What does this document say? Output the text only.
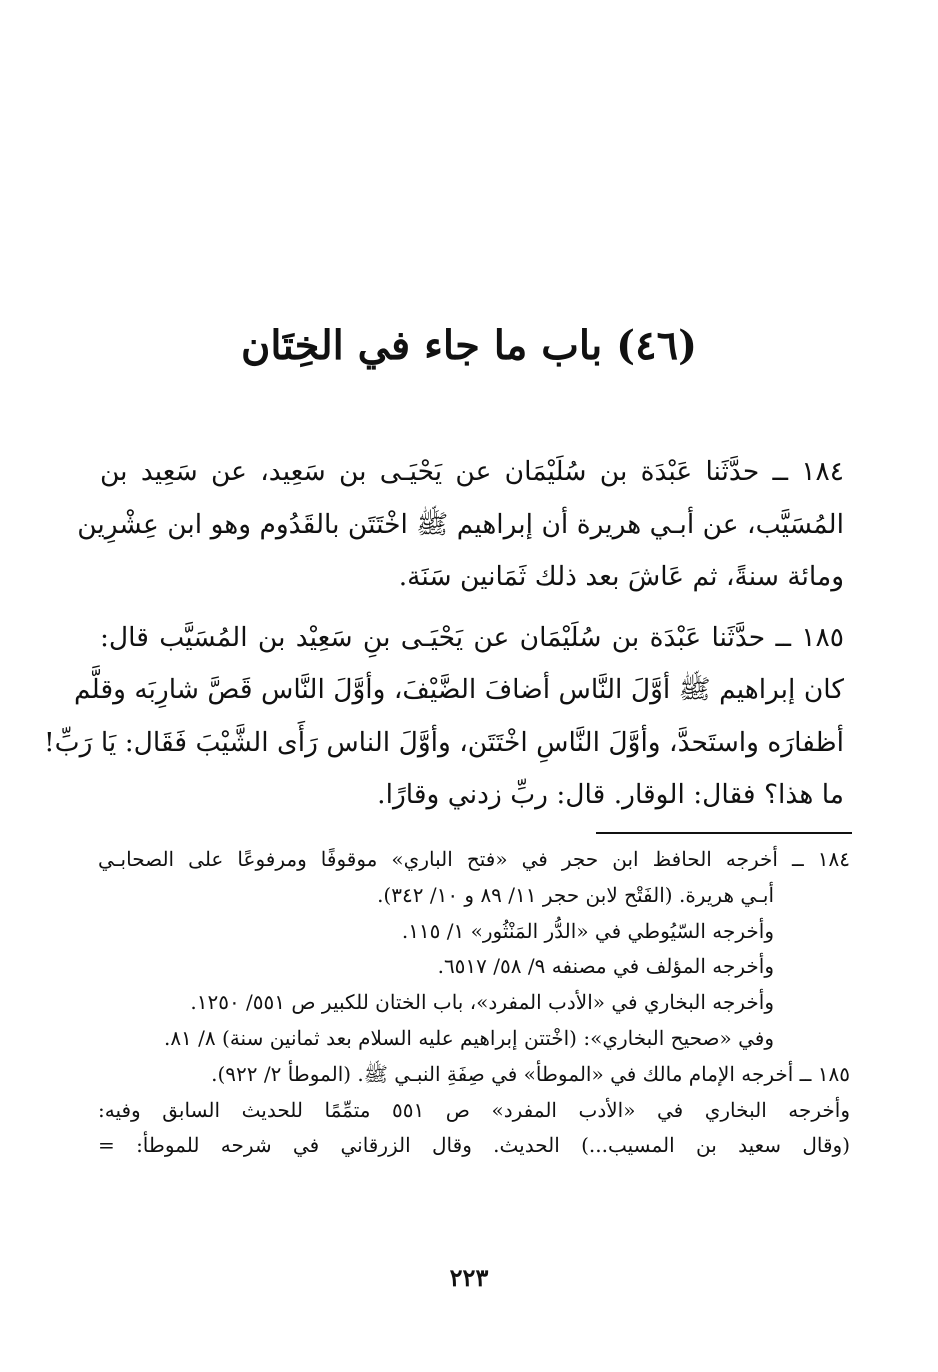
(٤٦) باب ما جاء في الخِتَان

١٨٤ ــ حدَّثَنا عَبْدَة بن سُلَيْمَان عن يَحْيَـى بن سَعِيد، عن سَعِيد بن
المُسَيَّب، عن أبـي هريرة أن إبراهيم ﷺ اخْتَتَن بالقَدُوم وهو ابن عِشْرِين
ومائة سنةً، ثم عَاشَ بعد ذلك ثَمَانين سَنَة.

١٨٥ ــ حدَّثَنا عَبْدَة بن سُلَيْمَان عن يَحْيَـى بنِ سَعِيْد بن المُسَيَّب قال:
كان إبراهيم ﷺ أوَّلَ النَّاس أضافَ الضَّيْفَ، وأوَّلَ النَّاس قَصَّ شارِبَه وقلَّم
أظفارَه واستَحدَّ، وأوَّلَ النَّاسِ اخْتَتَن، وأوَّلَ الناس رَأَى الشَّيْبَ فَقَال: يَا رَبِّ!
ما هذا؟ فقال: الوقار. قال: ربِّ زدني وقارًا.

١٨٤ ــ أخرجه الحافظ ابن حجر في «فتح الباري» موقوفًا ومرفوعًا على الصحابـي
أبـي هريرة. (الفَتْح لابن حجر ١١/ ٨٩ و ١٠/ ٣٤٢).
وأخرجه السّيُوطي في «الدُّر المَنْثُور» ١/ ١١٥.
وأخرجه المؤلف في مصنفه ٩/ ٥٨/ ٦٥١٧.
وأخرجه البخاري في «الأدب المفرد»، باب الختان للكبير ص ٥٥١/ ١٢٥٠.
وفي «صحيح البخاري»: (اخْتتن إبراهيم عليه السلام بعد ثمانين سنة) ٨/ ٨١.
١٨٥ ــ أخرجه الإمام مالك في «الموطأ» في صِفَةِ النبـي ﷺ. (الموطأ ٢/ ٩٢٢).
وأخرجه البخاري في «الأدب المفرد» ص ٥٥١ متمِّمًا للحديث السابق وفيه:
(وقال سعيد بن المسيب...) الحديث. وقال الزرقاني في شرحه للموطأ: =
٢٢٣
